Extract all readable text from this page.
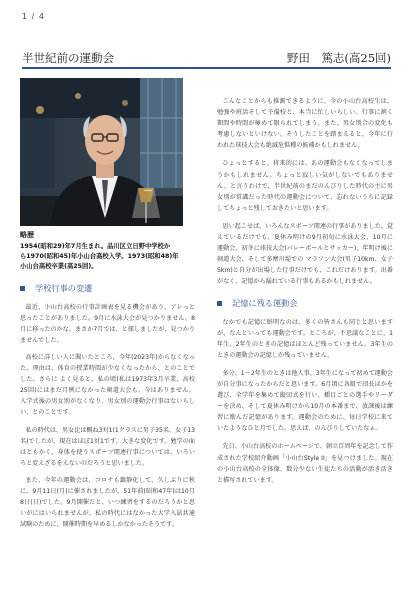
1 / 4
半世紀前の運動会	野田　篤志(高25回)
略歴
1954(昭和29)年7月生まれ。品川区立日野中学校か
ら1970(昭和45)年小山台高校入学。1973(昭和48)年
小山台高校卒業(高25回)。
学校行事の変遷

最近、小山台高校の行事計画表を見る機会があり、アレっと思ったことがありました。9月に水泳大会が見つかりません。8月に移ったのかな、まさか7月では、と探しましたが、見つかりませんでした。

高校に詳しい人に聞いたところ、今年(2023年)からなくなった、理由は、体育の授業時間が少なくなったから、とのことでした。さらに よく見ると、私の頃(私は1973年3月卒業、高校25回)にはまだ月例になかった剣道大会も、今はありません。入学式後の男女別がなくなり、男女別の運動会行事はないらしい、とのことです。

私の時代は、男女比は概ね3対1(1クラスに男子35名、女子13名)でしたが、現在はほぼ1対1です。大きな変化です。勉学の面はともかく、身体を使うスポーツ関連行事については、いろいろと変えざるをえないのだろうと思いました。

また、今年の運動会は、コロナも鎮静化して、久しぶりに秋に、9月11日(月)に催されましたが、51年前(昭和47年)は10月8日(日)でした。9月開催だと、いつ練習をするのだろうかと思いがにはいられませんが、私の時代にはなかった大学入試共通試験のために、開催時期を早めるしかなかったそうです。

こんなことからも推測できるように、今の小山台高校生は、勉強や班活そして予備校と、本当に忙しいらしい。行事に割く期間や時間が極めて限られてしまう。また、男女別合の変化も考慮しないといけない。そうしたことを踏まえると、今年に行われた球技大会も絶滅危惧種の候補かもしれません。

ひょっとすると、将来的には、あの運動会もなくなってしまうかもしれません。ちょっと寂しい気がしないでもありません。と言うわけで、半世紀前のまだのんびりした時代の主に男女別が常識だった時代の運動会について、忘れないうちに記録してちょっと残しておきたいと思います。

思い起こせば、いろんなスポーツ関連の行事がありました。覚えているだけでも、夏休み明けの9月初旬に水泳大会、10月に運動会、初冬に球技大会(バレーボールとサッカー)、年明け後に剣道大会、そして多摩川堤での マラソン大会(男子10km、女子5km)と自分が出場した行事だけでも、これだけあります。出番がなく、記憶から漏れている行事もあるかもしれません。

記憶に残る運動会

なかでも記憶に鮮明なのは、多くの皆さんも同じと思いますが、なんといっても運動会です。ところが、不思議なことに、1年生、2年生のときの記憶はほとんど残っていません。3年生のときの運動会の記憶しか残っていません。

多分、1〜2年生のときは他人事、3年生になって初めて運動会が自分事になったからだと思います。6月頃に各組で団長ほかを選び、全学年を集めて縦団式を行い、種目ごとの選手やリーダーを決め、そして夏休み明けから10月の本番まで、放課後は練習に励んだ記憶があります。運動会のために、毎日学校に来ていたようなひと月でした。思えば、のんびりしていたなぁ。

先日、小山台高校のホームページで、創立百周年を記念して作成された学校紹介動画「小山台Style II」を見つけました。現在の小山台高校の全体像、数分少ない生徒たちの活動が活き活きと描写されています。
